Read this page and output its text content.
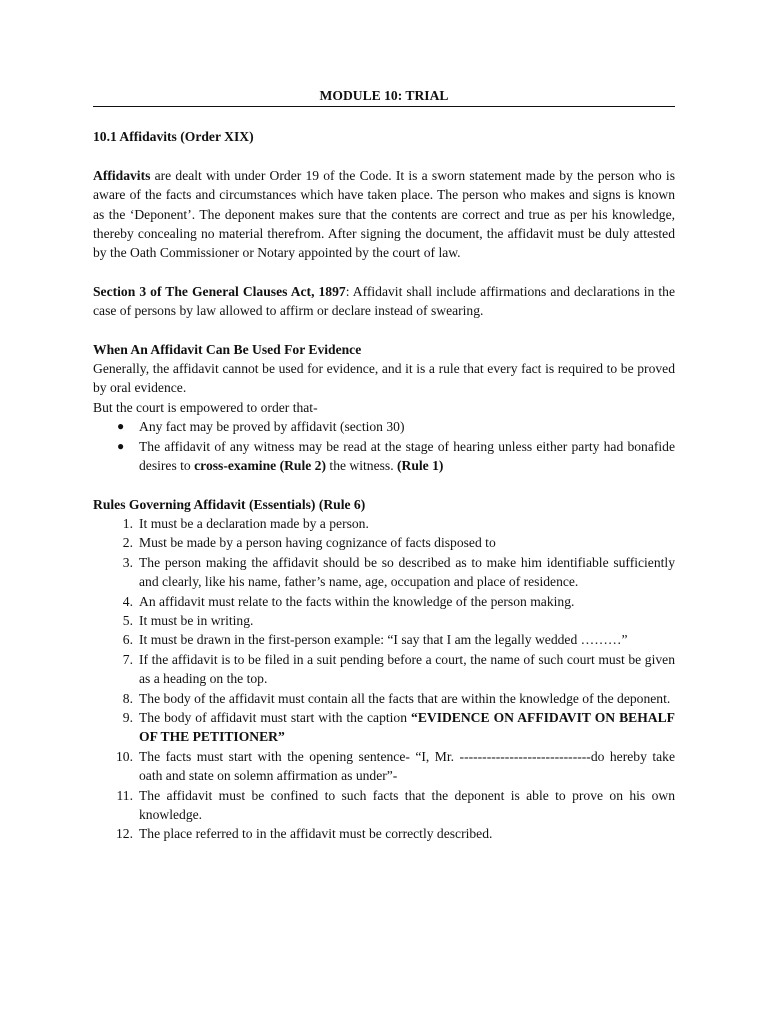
MODULE 10: TRIAL
10.1 Affidavits (Order XIX)

Affidavits are dealt with under Order 19 of the Code. It is a sworn statement made by the person who is aware of the facts and circumstances which have taken place. The person who makes and signs is known as the ‘Deponent’. The deponent makes sure that the contents are correct and true as per his knowledge, thereby concealing no material therefrom. After signing the document, the affidavit must be duly attested by the Oath Commissioner or Notary appointed by the court of law.

Section 3 of The General Clauses Act, 1897: Affidavit shall include affirmations and declarations in the case of persons by law allowed to affirm or declare instead of swearing.

When An Affidavit Can Be Used For Evidence

Generally, the affidavit cannot be used for evidence, and it is a rule that every fact is required to be proved by oral evidence.

But the court is empowered to order that-

● Any fact may be proved by affidavit (section 30)
● The affidavit of any witness may be read at the stage of hearing unless either party had bonafide desires to cross-examine (Rule 2) the witness. (Rule 1)
Rules Governing Affidavit (Essentials) (Rule 6)
1. It must be a declaration made by a person.
2. Must be made by a person having cognizance of facts disposed to
3. The person making the affidavit should be so described as to make him identifiable sufficiently and clearly, like his name, father’s name, age, occupation and place of residence.
4. An affidavit must relate to the facts within the knowledge of the person making.
5. It must be in writing.
6. It must be drawn in the first-person example: “I say that I am the legally wedded ………”
7. If the affidavit is to be filed in a suit pending before a court, the name of such court must be given as a heading on the top.
8. The body of the affidavit must contain all the facts that are within the knowledge of the deponent.
9. The body of affidavit must start with the caption “EVIDENCE ON AFFIDAVIT ON BEHALF OF THE PETITIONER”
10. The facts must start with the opening sentence- “I, Mr. -----------------------------do hereby take oath and state on solemn affirmation as under”-
11. The affidavit must be confined to such facts that the deponent is able to prove on his own knowledge.
12. The place referred to in the affidavit must be correctly described.
